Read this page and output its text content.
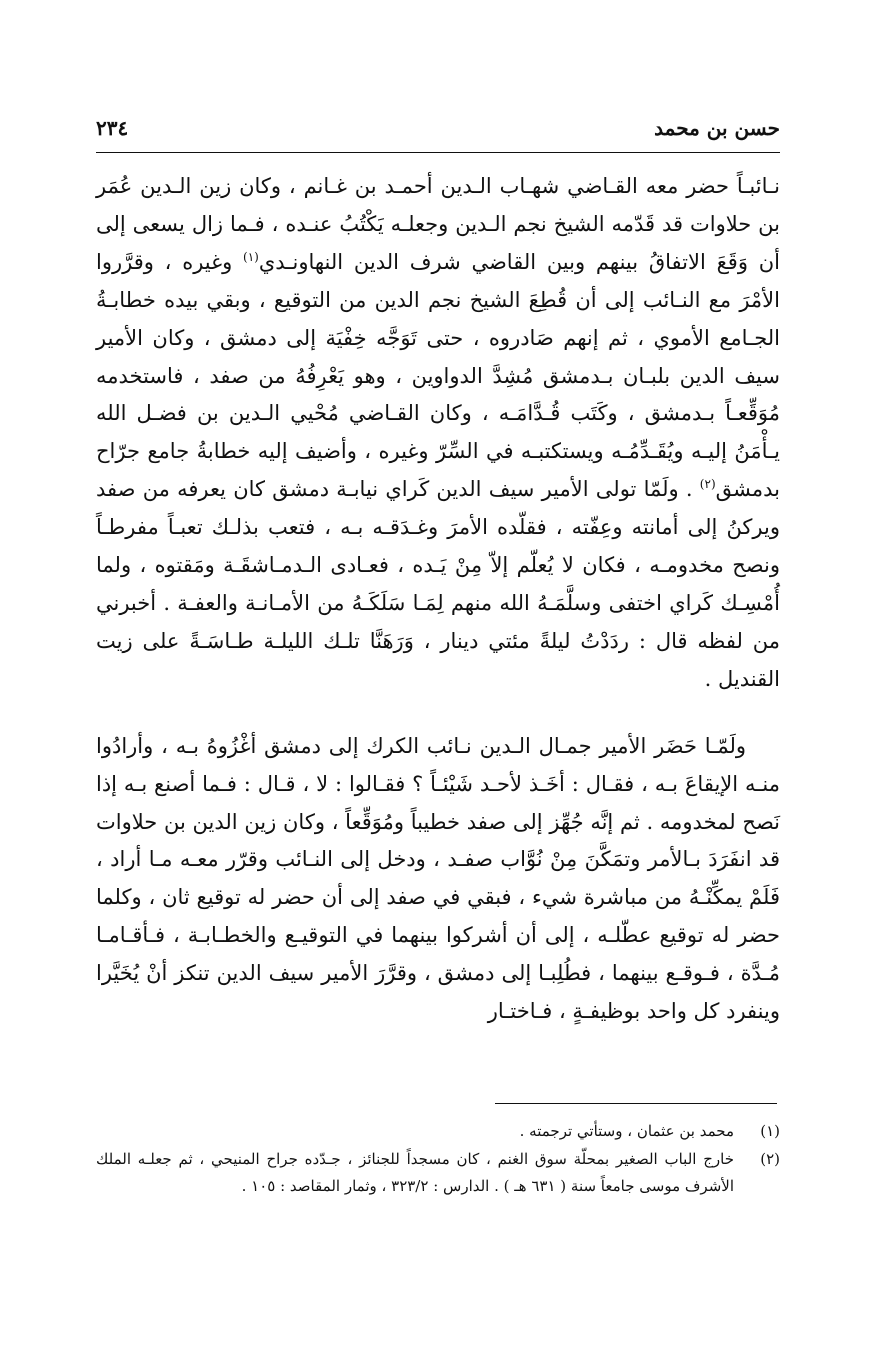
حسن بن محمد
٢٣٤

نـائبـاً حضر معه القـاضي شهـاب الـدين أحمـد بن غـانم ، وكان زين الـدين عُمَر بن حلاوات قد قَدّمه الشيخ نجم الـدين وجعلـه يَكْتُبُ عنـده ، فـما زال يسعى إلى أن وَقَعَ الاتفاقُ بينهم وبين القاضي شرف الدين النهاونـدي$^{(١)}$ وغيره ، وقرَّروا الأمْرَ مع النـائب إلى أن قُطِعَ الشيخ نجم الدين من التوقيع ، وبقي بيده خطابـةُ الجـامع الأموي ، ثم إنهم صَادروه ، حتى تَوَجَّه خِفْيَة إلى دمشق ، وكان الأمير سيف الدين بلبـان بـدمشق مُشِدَّ الدواوين ، وهو يَعْرِفُهُ من صفد ، فاستخدمه مُوَقِّعـاً بـدمشق ، وكَتَب قُـدَّامَـه ، وكان القـاضي مُحْيي الـدين بن فضـل الله يـأْمَنُ إليـه ويُقَـدِّمُـه ويستكتبـه في السِّرّ وغيره ، وأضيف إليه خطابةُ جامع جرّاح بدمشق$^{(٢)}$ . ولَمّا تولى الأمير سيف الدين كَراي نيابـة دمشق كان يعرفه من صفد ويركنُ إلى أمانته وعِفّته ، فقلّده الأمرَ وغـدَقـه بـه ، فتعب بذلـك تعبـاً مفرطـاً ونصح مخدومـه ، فكان لا يُعلّم إلاّ مِنْ يَـده ، فعـادى الـدمـاشقَـة ومَقتوه ، ولما أُمْسِـك كَراي اختفى وسلَّمَـهُ الله منهم لِمَـا سَلَكَـهُ من الأمـانـة والعفـة . أخبرني من لفظه قال : ردَدْتُ ليلةً مئتي دينار ، وَرَهَنَّا تلـك الليلـة طـاسَـةً على زيت القنديل .

ولَمّـا حَضَر الأمير جمـال الـدين نـائب الكرك إلى دمشق أغْزُوهُ بـه ، وأرادُوا منـه الإيقاعَ بـه ، فقـال : أخَـذ لأحـد شَيْئـاً ؟ فقـالوا : لا ، قـال : فـما أصنع بـه إذا نَصح لمخدومه . ثم إنَّه جُهِّز إلى صفد خطيباً ومُوَقِّعاً ، وكان زين الدين بن حلاوات قد انفَرَدَ بـالأمر وتمَكَّنَ مِنْ نُوَّاب صفـد ، ودخل إلى النـائب وقرّر معـه مـا أراد ، فَلَمْ يمكِّنْـهُ من مباشرة شيء ، فبقي في صفد إلى أن حضر له توقيع ثان ، وكلما حضر له توقيع عطّلـه ، إلى أن أشركوا بينهما في التوقيـع والخطـابـة ، فـأقـامـا مُـدَّة ، فـوقـع بينهما ، فطُلِبـا إلى دمشق ، وقرَّرَ الأمير سيف الدين تنكز أنْ يُخَيَّرا وينفرد كل واحد بوظيفـةٍ ، فـاختـار

(١)
محمد بن عثمان ، وستأتي ترجمته .
(٢)
خارج الباب الصغير بمحلّة سوق الغنم ، كان مسجداً للجنائز ، جـدّده جراح المنيحي ، ثم جعلـه الملك الأشرف موسى جامعاً سنة ( ٦٣١ هـ ) . الدارس : ٣٢٣/٢ ، وثمار المقاصد : ١٠٥ .
